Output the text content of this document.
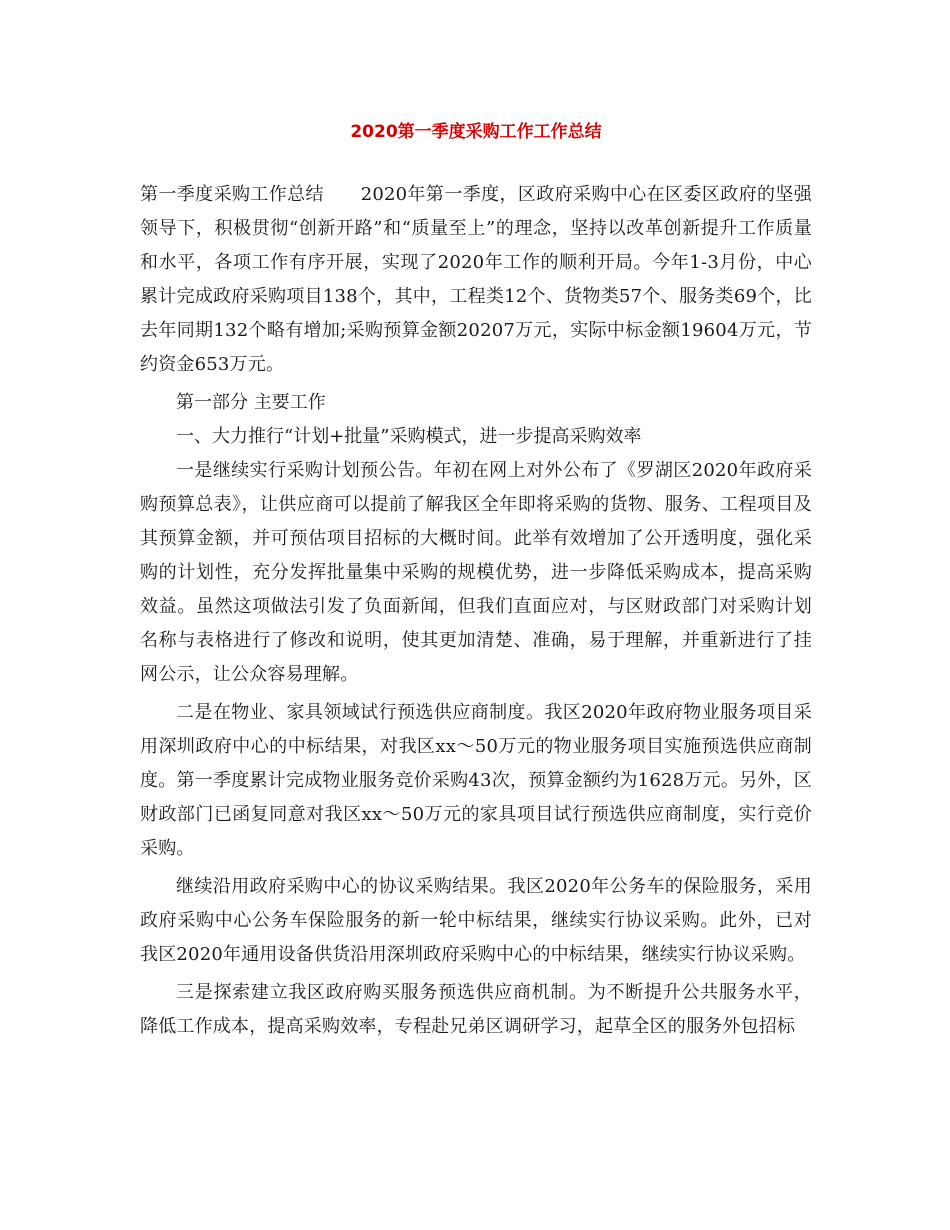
2020第一季度采购工作工作总结

第一季度采购工作总结　　2020年第一季度，区政府采购中心在区委区政府的坚强领导下，积极贯彻“创新开路”和“质量至上”的理念，坚持以改革创新提升工作质量和水平，各项工作有序开展，实现了2020年工作的顺利开局。今年1-3月份，中心累计完成政府采购项目138个，其中，工程类12个、货物类57个、服务类69个，比去年同期132个略有增加;采购预算金额20207万元，实际中标金额19604万元，节约资金653万元。

第一部分 主要工作

一、大力推行“计划+批量”采购模式，进一步提高采购效率

一是继续实行采购计划预公告。年初在网上对外公布了《罗湖区2020年政府采购预算总表》，让供应商可以提前了解我区全年即将采购的货物、服务、工程项目及其预算金额，并可预估项目招标的大概时间。此举有效增加了公开透明度，强化采购的计划性，充分发挥批量集中采购的规模优势，进一步降低采购成本，提高采购效益。虽然这项做法引发了负面新闻，但我们直面应对，与区财政部门对采购计划名称与表格进行了修改和说明，使其更加清楚、准确，易于理解，并重新进行了挂网公示，让公众容易理解。

二是在物业、家具领域试行预选供应商制度。我区2020年政府物业服务项目采用深圳政府中心的中标结果，对我区xx～50万元的物业服务项目实施预选供应商制度。第一季度累计完成物业服务竞价采购43次，预算金额约为1628万元。另外，区财政部门已函复同意对我区xx～50万元的家具项目试行预选供应商制度，实行竞价采购。

继续沿用政府采购中心的协议采购结果。我区2020年公务车的保险服务，采用政府采购中心公务车保险服务的新一轮中标结果，继续实行协议采购。此外，已对我区2020年通用设备供货沿用深圳政府采购中心的中标结果，继续实行协议采购。

三是探索建立我区政府购买服务预选供应商机制。为不断提升公共服务水平，降低工作成本，提高采购效率，专程赴兄弟区调研学习，起草全区的服务外包招标
